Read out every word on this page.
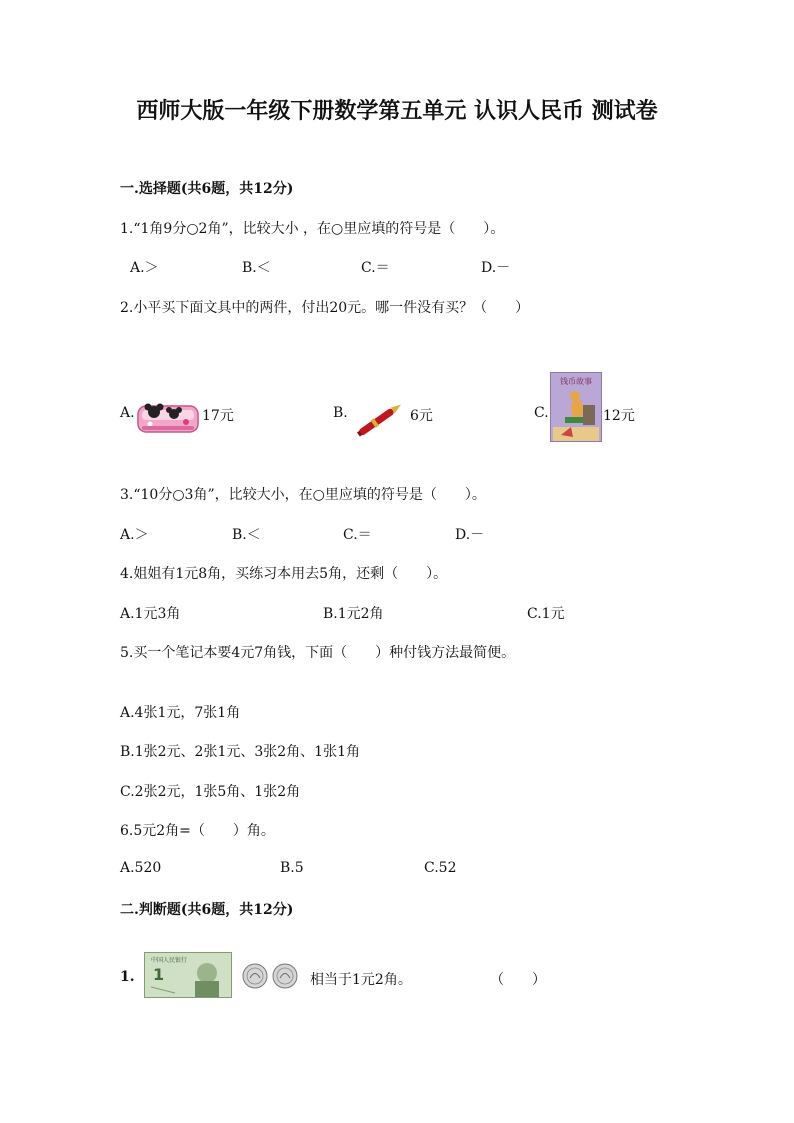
西师大版一年级下册数学第五单元 认识人民币 测试卷
一.选择题(共6题，共12分)
1.“1角9分○2角”，比较大小 ，在○里应填的符号是（　　）。
A.＞	B.＜	C.＝	D.－
2.小平买下面文具中的两件，付出20元。哪一件没有买？（　　）
A.	17元	B.	6元	C.
钱币故事
12元
3.“10分○3角”，比较大小，在○里应填的符号是（　　）。
A.＞	B.＜	C.＝	D.－
4.姐姐有1元8角，买练习本用去5角，还剩（　　）。
A.1元3角	B.1元2角	C.1元
5.买一个笔记本要4元7角钱，下面（　　）种付钱方法最简便。
A.4张1元，7张1角
B.1张2元、2张1元、3张2角、1张1角
C.2张2元，1张5角、1张2角
6.5元2角=（　　）角。
A.520	B.5	C.52
二.判断题(共6题，共12分)
1.
中国人民银行
1	相当于1元2角。	（　　）
